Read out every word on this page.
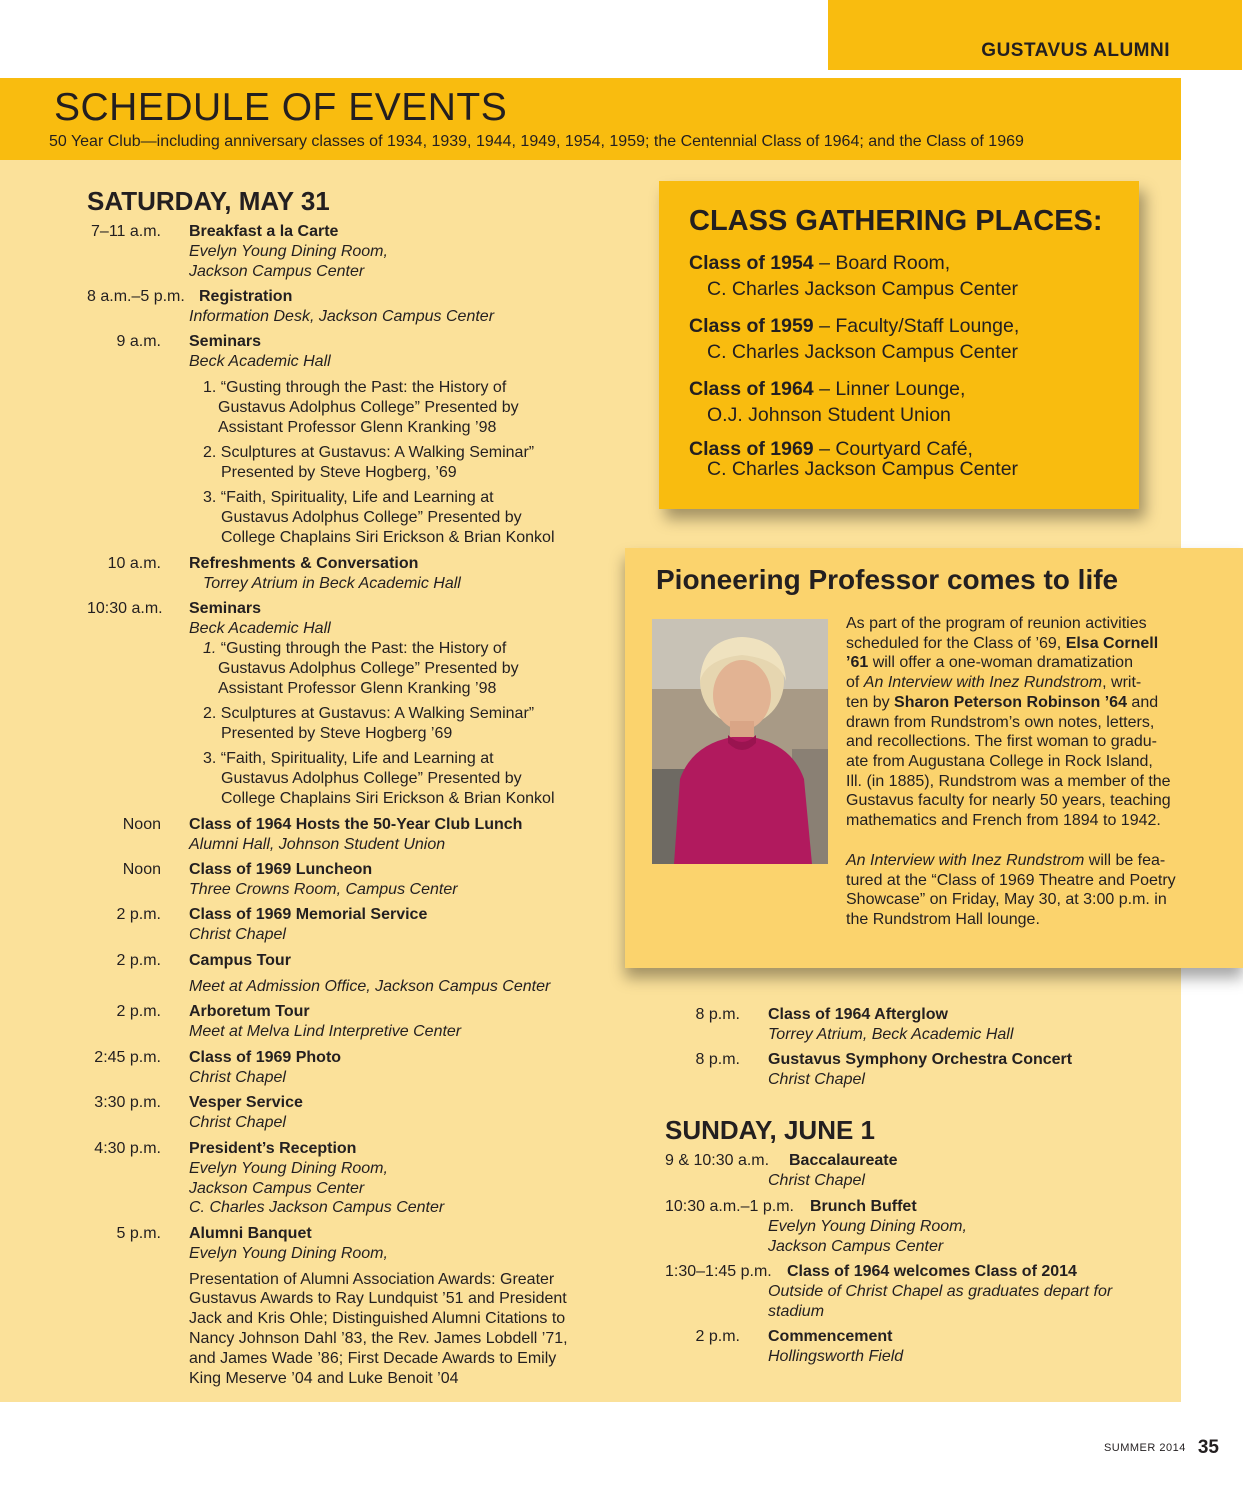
GUSTAVUS ALUMNI
SCHEDULE OF EVENTS
50 Year Club—including anniversary classes of 1934, 1939, 1944, 1949, 1954, 1959; the Centennial Class of 1964; and the Class of 1969
SATURDAY, MAY 31
7–11 a.m. Breakfast a la Carte
Evelyn Young Dining Room,
Jackson Campus Center
8 a.m.–5 p.m. Registration
Information Desk, Jackson Campus Center
9 a.m. Seminars
Beck Academic Hall
1. “Gusting through the Past: the History of
Gustavus Adolphus College” Presented by
Assistant Professor Glenn Kranking ’98
2. Sculptures at Gustavus: A Walking Seminar”
Presented by Steve Hogberg, ’69
3. “Faith, Spirituality, Life and Learning at
Gustavus Adolphus College” Presented by
College Chaplains Siri Erickson & Brian Konkol
10 a.m. Refreshments & Conversation
Torrey Atrium in Beck Academic Hall
10:30 a.m. Seminars
Beck Academic Hall
1. “Gusting through the Past: the History of
Gustavus Adolphus College” Presented by
Assistant Professor Glenn Kranking ’98
2. Sculptures at Gustavus: A Walking Seminar”
Presented by Steve Hogberg ’69
3. “Faith, Spirituality, Life and Learning at
Gustavus Adolphus College” Presented by
College Chaplains Siri Erickson & Brian Konkol
Noon Class of 1964 Hosts the 50-Year Club Lunch
Alumni Hall, Johnson Student Union
Noon Class of 1969 Luncheon
Three Crowns Room, Campus Center
2 p.m. Class of 1969 Memorial Service
Christ Chapel
2 p.m. Campus Tour
Meet at Admission Office, Jackson Campus Center
2 p.m. Arboretum Tour
Meet at Melva Lind Interpretive Center
2:45 p.m. Class of 1969 Photo
Christ Chapel
3:30 p.m. Vesper Service
Christ Chapel
4:30 p.m. President’s Reception
Evelyn Young Dining Room,
Jackson Campus Center
C. Charles Jackson Campus Center
5 p.m. Alumni Banquet
Evelyn Young Dining Room,
Presentation of Alumni Association Awards: Greater
Gustavus Awards to Ray Lundquist ’51 and President
Jack and Kris Ohle; Distinguished Alumni Citations to
Nancy Johnson Dahl ’83, the Rev. James Lobdell ’71,
and James Wade ’86; First Decade Awards to Emily
King Meserve ’04 and Luke Benoit ’04
CLASS GATHERING PLACES:
Class of 1954 – Board Room,
C. Charles Jackson Campus Center
Class of 1959 – Faculty/Staff Lounge,
C. Charles Jackson Campus Center
Class of 1964 – Linner Lounge,
O.J. Johnson Student Union
Class of 1969 – Courtyard Café,
C. Charles Jackson Campus Center
Pioneering Professor comes to life
As part of the program of reunion activities
scheduled for the Class of ’69, Elsa Cornell
’61 will offer a one-woman dramatization
of An Interview with Inez Rundstrom, writ-
ten by Sharon Peterson Robinson ’64 and
drawn from Rundstrom’s own notes, letters,
and recollections. The first woman to gradu-
ate from Augustana College in Rock Island,
Ill. (in 1885), Rundstrom was a member of the
Gustavus faculty for nearly 50 years, teaching
mathematics and French from 1894 to 1942.
An Interview with Inez Rundstrom will be fea-
tured at the “Class of 1969 Theatre and Poetry
Showcase” on Friday, May 30, at 3:00 p.m. in
the Rundstrom Hall lounge.
8 p.m. Class of 1964 Afterglow
Torrey Atrium, Beck Academic Hall
8 p.m. Gustavus Symphony Orchestra Concert
Christ Chapel
SUNDAY, JUNE 1
9 & 10:30 a.m. Baccalaureate
Christ Chapel
10:30 a.m.–1 p.m. Brunch Buffet
Evelyn Young Dining Room,
Jackson Campus Center
1:30–1:45 p.m. Class of 1964 welcomes Class of 2014
Outside of Christ Chapel as graduates depart for
stadium
2 p.m. Commencement
Hollingsworth Field
SUMMER 2014 35
